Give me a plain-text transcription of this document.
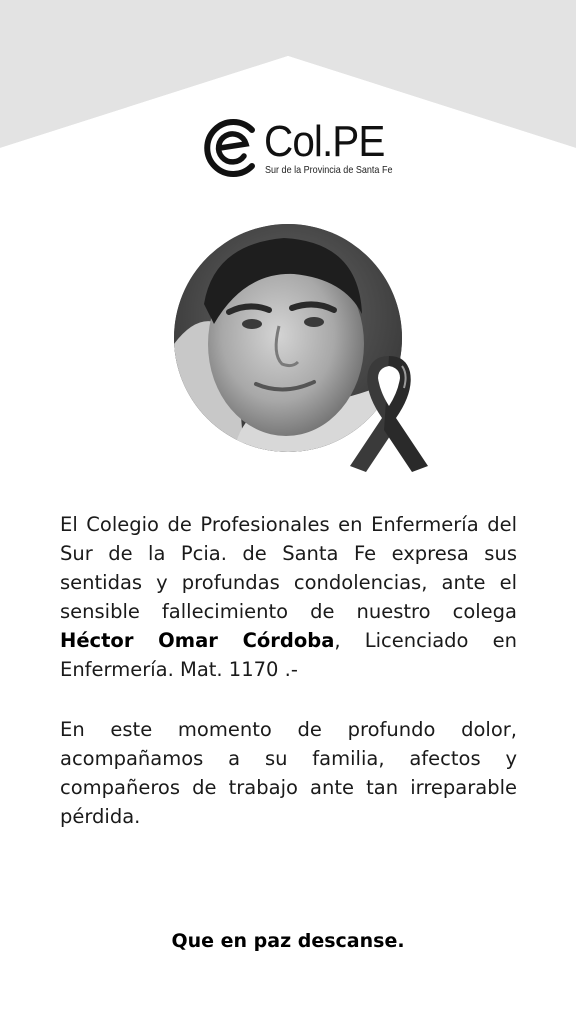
Col.PE
Sur de la Provincia de Santa Fe

El Colegio de Profesionales en Enfermería del Sur de la Pcia. de Santa Fe expresa sus sentidas y profundas condolencias, ante el sensible fallecimiento de nuestro colega Héctor Omar Córdoba, Licenciado en Enfermería. Mat. 1170 .-

En este momento de profundo dolor, acompañamos a su familia, afectos y compañeros de trabajo ante tan irreparable pérdida.

Que en paz descanse.
